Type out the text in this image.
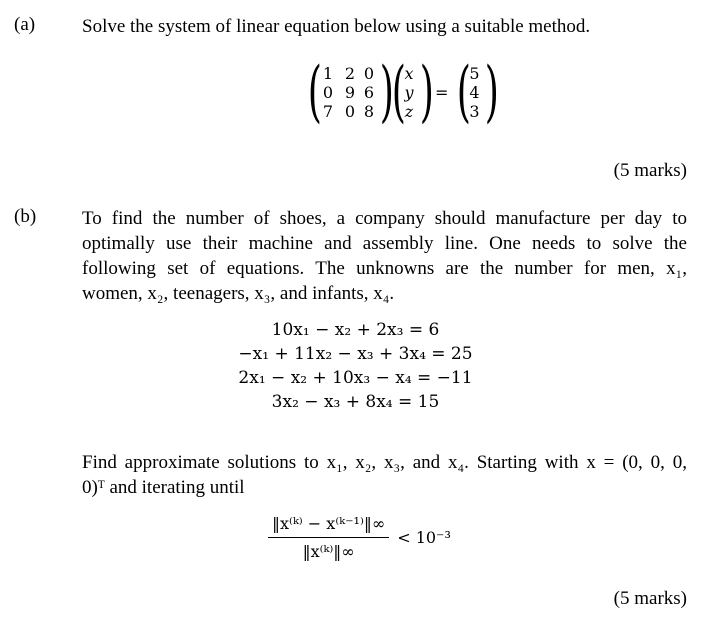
(a) Solve the system of linear equation below using a suitable method.
( 1 2 0
0 9 6
7 0 8 )
(
x
y
z ) = (
5
4
3 )
(5 marks)
(b) To find the number of shoes, a company should manufacture per day to
optimally use their machine and assembly line. One needs to solve the
following set of equations. The unknowns are the number for men, x₁,
women, x₂, teenagers, x₃, and infants, x₄.
10x₁ − x₂ + 2x₃ = 6
−x₁ + 11x₂ − x₃ + 3x₄ = 25
2x₁ − x₂ + 10x₃ − x₄ = −11
3x₂ − x₃ + 8x₄ = 15
Find approximate solutions to x₁, x₂, x₃, and x₄. Starting with x = (0, 0, 0,
0)ᵀ and iterating until
$\frac{\text{‖x⁽ᵏ⁾ − x⁽ᵏ⁻¹⁾‖∞}}{\text{‖x⁽ᵏ⁾‖∞}} < 10^{-3}$
(5 marks)
